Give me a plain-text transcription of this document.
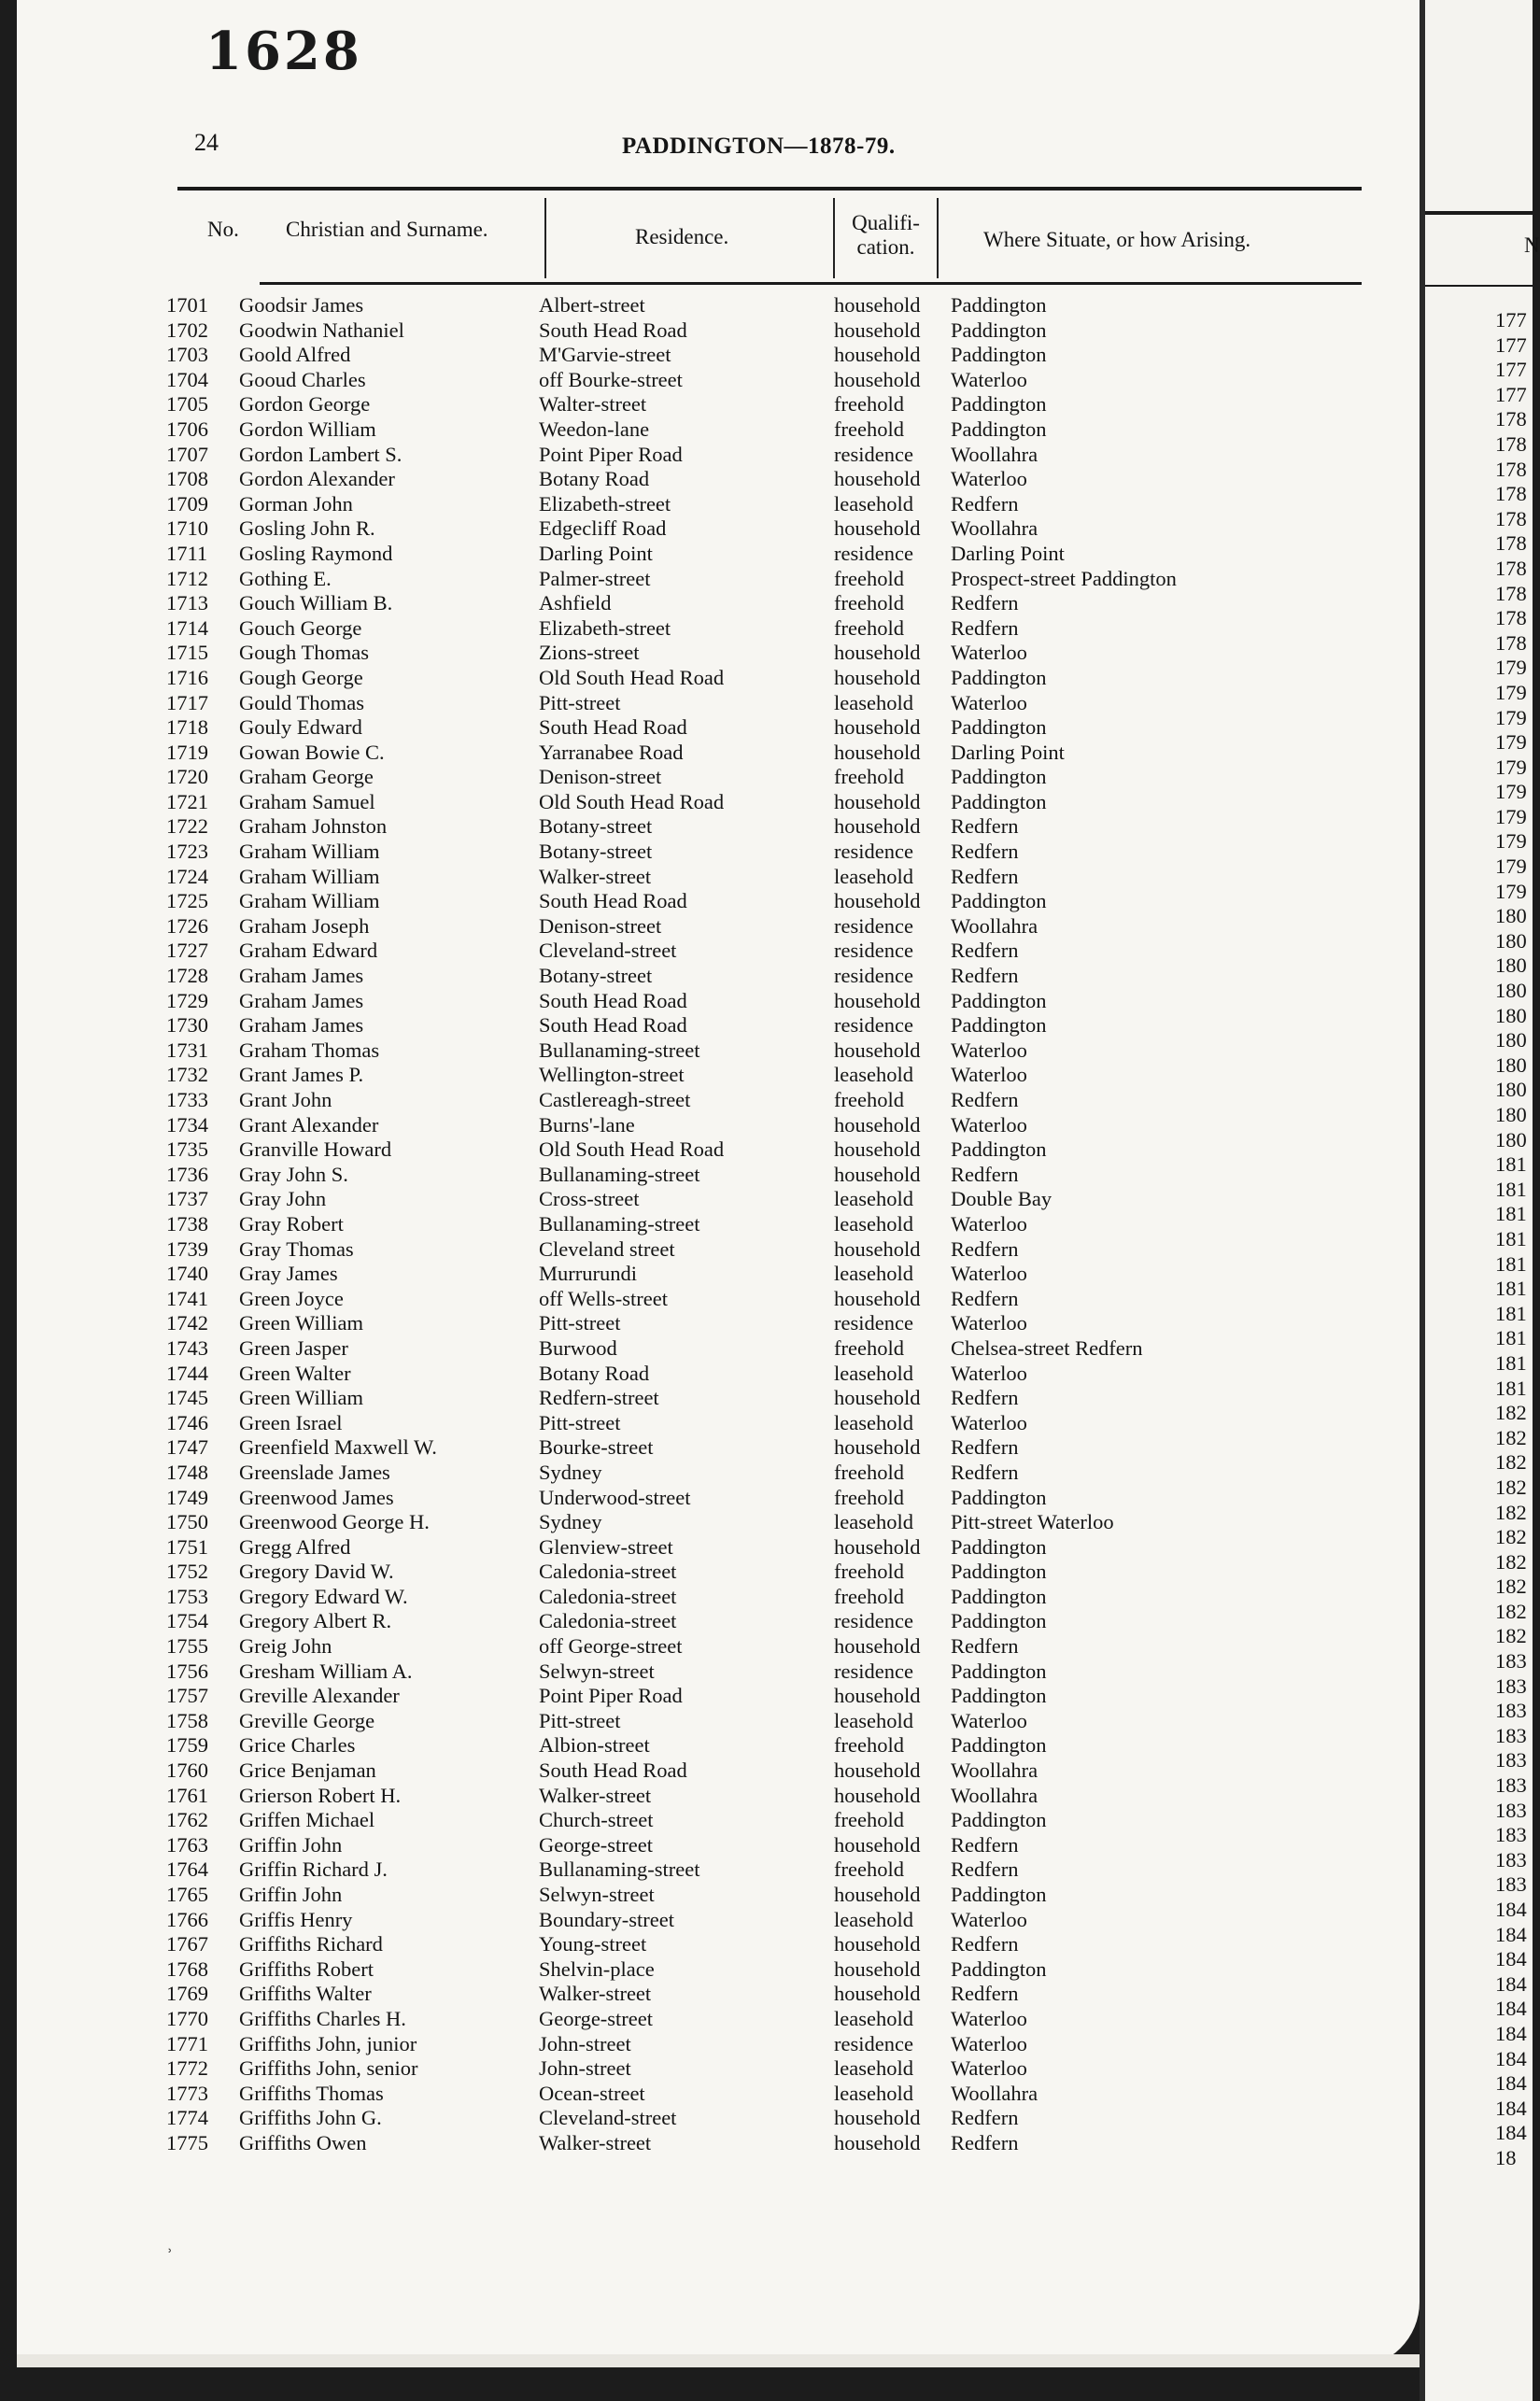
1628
24	PADDINGTON—1878-79.
No. Christian and Surname.	Residence.
Qualifi-
cation.	Where Situate, or how Arising.
1701 Goodsir James	Albert-street	household Paddington
1702 Goodwin Nathaniel	South Head Road	household Paddington
1703 Goold Alfred	M'Garvie-street	household Paddington
1704 Gooud Charles	off Bourke-street	household Waterloo
1705 Gordon George	Walter-street	freehold Paddington
1706 Gordon William	Weedon-lane	freehold Paddington
1707 Gordon Lambert S.	Point Piper Road	residence Woollahra
1708 Gordon Alexander	Botany Road	household Waterloo
1709 Gorman John	Elizabeth-street	leasehold Redfern
1710 Gosling John R.	Edgecliff Road	household Woollahra
1711 Gosling Raymond	Darling Point	residence Darling Point
1712 Gothing E.	Palmer-street	freehold Prospect-street Paddington
1713 Gouch William B.	Ashfield	freehold Redfern
1714 Gouch George	Elizabeth-street	freehold Redfern
1715 Gough Thomas	Zions-street	household Waterloo
1716 Gough George	Old South Head Road	household Paddington
1717 Gould Thomas	Pitt-street	leasehold Waterloo
1718 Gouly Edward	South Head Road	household Paddington
1719 Gowan Bowie C.	Yarranabee Road	household Darling Point
1720 Graham George	Denison-street	freehold Paddington
1721 Graham Samuel	Old South Head Road	household Paddington
1722 Graham Johnston	Botany-street	household Redfern
1723 Graham William	Botany-street	residence Redfern
1724 Graham William	Walker-street	leasehold Redfern
1725 Graham William	South Head Road	household Paddington
1726 Graham Joseph	Denison-street	residence Woollahra
1727 Graham Edward	Cleveland-street	residence Redfern
1728 Graham James	Botany-street	residence Redfern
1729 Graham James	South Head Road	household Paddington
1730 Graham James	South Head Road	residence Paddington
1731 Graham Thomas	Bullanaming-street	household Waterloo
1732 Grant James P.	Wellington-street	leasehold Waterloo
1733 Grant John	Castlereagh-street	freehold Redfern
1734 Grant Alexander	Burns'-lane	household Waterloo
1735 Granville Howard	Old South Head Road	household Paddington
1736 Gray John S.	Bullanaming-street	household Redfern
1737 Gray John	Cross-street	leasehold Double Bay
1738 Gray Robert	Bullanaming-street	leasehold Waterloo
1739 Gray Thomas	Cleveland street	household Redfern
1740 Gray James	Murrurundi	leasehold Waterloo
1741 Green Joyce	off Wells-street	household Redfern
1742 Green William	Pitt-street	residence Waterloo
1743 Green Jasper	Burwood	freehold Chelsea-street Redfern
1744 Green Walter	Botany Road	leasehold Waterloo
1745 Green William	Redfern-street	household Redfern
1746 Green Israel	Pitt-street	leasehold Waterloo
1747 Greenfield Maxwell W.	Bourke-street	household Redfern
1748 Greenslade James	Sydney	freehold Redfern
1749 Greenwood James	Underwood-street	freehold Paddington
1750 Greenwood George H.	Sydney	leasehold Pitt-street Waterloo
1751 Gregg Alfred	Glenview-street	household Paddington
1752 Gregory David W.	Caledonia-street	freehold Paddington
1753 Gregory Edward W.	Caledonia-street	freehold Paddington
1754 Gregory Albert R.	Caledonia-street	residence Paddington
1755 Greig John	off George-street	household Redfern
1756 Gresham William A.	Selwyn-street	residence Paddington
1757 Greville Alexander	Point Piper Road	household Paddington
1758 Greville George	Pitt-street	leasehold Waterloo
1759 Grice Charles	Albion-street	freehold Paddington
1760 Grice Benjaman	South Head Road	household Woollahra
1761 Grierson Robert H.	Walker-street	household Woollahra
1762 Griffen Michael	Church-street	freehold Paddington
1763 Griffin John	George-street	household Redfern
1764 Griffin Richard J.	Bullanaming-street	freehold Redfern
1765 Griffin John	Selwyn-street	household Paddington
1766 Griffis Henry	Boundary-street	leasehold Waterloo
1767 Griffiths Richard	Young-street	household Redfern
1768 Griffiths Robert	Shelvin-place	household Paddington
1769 Griffiths Walter	Walker-street	household Redfern
1770 Griffiths Charles H.	George-street	leasehold Waterloo
1771 Griffiths John, junior	John-street	residence Waterloo
1772 Griffiths John, senior	John-street	leasehold Waterloo
1773 Griffiths Thomas	Ocean-street	leasehold Woollahra
1774 Griffiths John G.	Cleveland-street	household Redfern
1775 Griffiths Owen	Walker-street	household Redfern
˒
N
177
177
177
177
178
178
178
178
178
178
178
178
178
178
179
179
179
179
179
179
179
179
179
179
180
180
180
180
180
180
180
180
180
180
181
181
181
181
181
181
181
181
181
181
182
182
182
182
182
182
182
182
182
182
183
183
183
183
183
183
183
183
183
183
184
184
184
184
184
184
184
184
184
184
18
